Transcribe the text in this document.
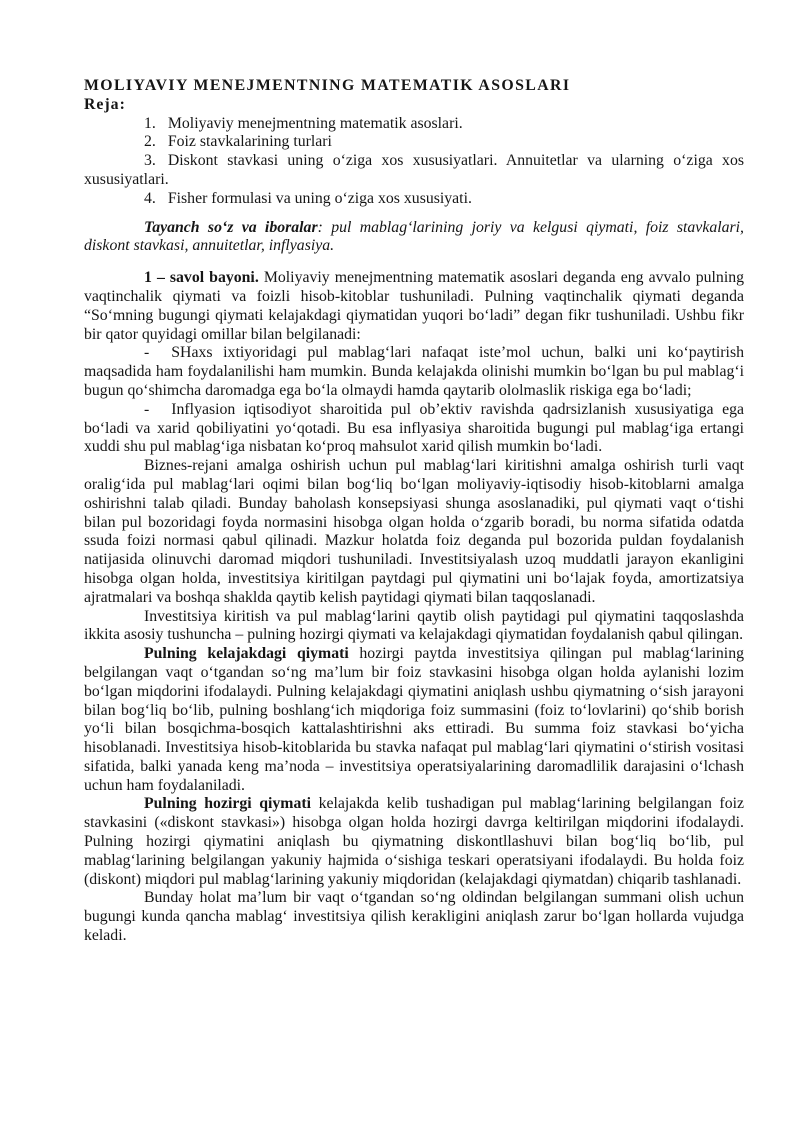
MOLIYAVIY MENEJMENTNING MATEMATIK ASOSLARI

Reja:

1. Moliyaviy menejmentning matematik asoslari.

2. Foiz stavkalarining turlari

3. Diskont stavkasi uning o‘ziga xos xususiyatlari. Annuitetlar va ularning o‘ziga xos xususiyatlari.

4. Fisher formulasi va uning o‘ziga xos xususiyati.

Tayanch so‘z va iboralar: pul mablag‘larining joriy va kelgusi qiymati, foiz stavkalari, diskont stavkasi, annuitetlar, inflyasiya.

1 – savol bayoni. Moliyaviy menejmentning matematik asoslari deganda eng avvalo pulning vaqtinchalik qiymati va foizli hisob-kitoblar tushuniladi. Pulning vaqtinchalik qiymati deganda “So‘mning bugungi qiymati kelajakdagi qiymatidan yuqori bo‘ladi” degan fikr tushuniladi. Ushbu fikr bir qator quyidagi omillar bilan belgilanadi:

- SHaxs ixtiyoridagi pul mablag‘lari nafaqat iste’mol uchun, balki uni ko‘paytirish maqsadida ham foydalanilishi ham mumkin. Bunda kelajakda olinishi mumkin bo‘lgan bu pul mablag‘i bugun qo‘shimcha daromadga ega bo‘la olmaydi hamda qaytarib ololmaslik riskiga ega bo‘ladi;

- Inflyasion iqtisodiyot sharoitida pul ob’ektiv ravishda qadrsizlanish xususiyatiga ega bo‘ladi va xarid qobiliyatini yo‘qotadi. Bu esa inflyasiya sharoitida bugungi pul mablag‘iga ertangi xuddi shu pul mablag‘iga nisbatan ko‘proq mahsulot xarid qilish mumkin bo‘ladi.

Biznes-rejani amalga oshirish uchun pul mablag‘lari kiritishni amalga oshirish turli vaqt oralig‘ida pul mablag‘lari oqimi bilan bog‘liq bo‘lgan moliyaviy-iqtisodiy hisob-kitoblarni amalga oshirishni talab qiladi. Bunday baholash konsepsiyasi shunga asoslanadiki, pul qiymati vaqt o‘tishi bilan pul bozoridagi foyda normasini hisobga olgan holda o‘zgarib boradi, bu norma sifatida odatda ssuda foizi normasi qabul qilinadi. Mazkur holatda foiz deganda pul bozorida puldan foydalanish natijasida olinuvchi daromad miqdori tushuniladi. Investitsiyalash uzoq muddatli jarayon ekanligini hisobga olgan holda, investitsiya kiritilgan paytdagi pul qiymatini uni bo‘lajak foyda, amortizatsiya ajratmalari va boshqa shaklda qaytib kelish paytidagi qiymati bilan taqqoslanadi.

Investitsiya kiritish va pul mablag‘larini qaytib olish paytidagi pul qiymatini taqqoslashda ikkita asosiy tushuncha – pulning hozirgi qiymati va kelajakdagi qiymatidan foydalanish qabul qilingan.

Pulning kelajakdagi qiymati hozirgi paytda investitsiya qilingan pul mablag‘larining belgilangan vaqt o‘tgandan so‘ng ma’lum bir foiz stavkasini hisobga olgan holda aylanishi lozim bo‘lgan miqdorini ifodalaydi. Pulning kelajakdagi qiymatini aniqlash ushbu qiymatning o‘sish jarayoni bilan bog‘liq bo‘lib, pulning boshlang‘ich miqdoriga foiz summasini (foiz to‘lovlarini) qo‘shib borish yo‘li bilan bosqichma-bosqich kattalashtirishni aks ettiradi. Bu summa foiz stavkasi bo‘yicha hisoblanadi. Investitsiya hisob-kitoblarida bu stavka nafaqat pul mablag‘lari qiymatini o‘stirish vositasi sifatida, balki yanada keng ma’noda – investitsiya operatsiyalarining daromadlilik darajasini o‘lchash uchun ham foydalaniladi.

Pulning hozirgi qiymati kelajakda kelib tushadigan pul mablag‘larining belgilangan foiz stavkasini («diskont stavkasi») hisobga olgan holda hozirgi davrga keltirilgan miqdorini ifodalaydi. Pulning hozirgi qiymatini aniqlash bu qiymatning diskontllashuvi bilan bog‘liq bo‘lib, pul mablag‘larining belgilangan yakuniy hajmida o‘sishiga teskari operatsiyani ifodalaydi. Bu holda foiz (diskont) miqdori pul mablag‘larining yakuniy miqdoridan (kelajakdagi qiymatdan) chiqarib tashlanadi.

Bunday holat ma’lum bir vaqt o‘tgandan so‘ng oldindan belgilangan summani olish uchun bugungi kunda qancha mablag‘ investitsiya qilish kerakligini aniqlash zarur bo‘lgan hollarda vujudga keladi.
